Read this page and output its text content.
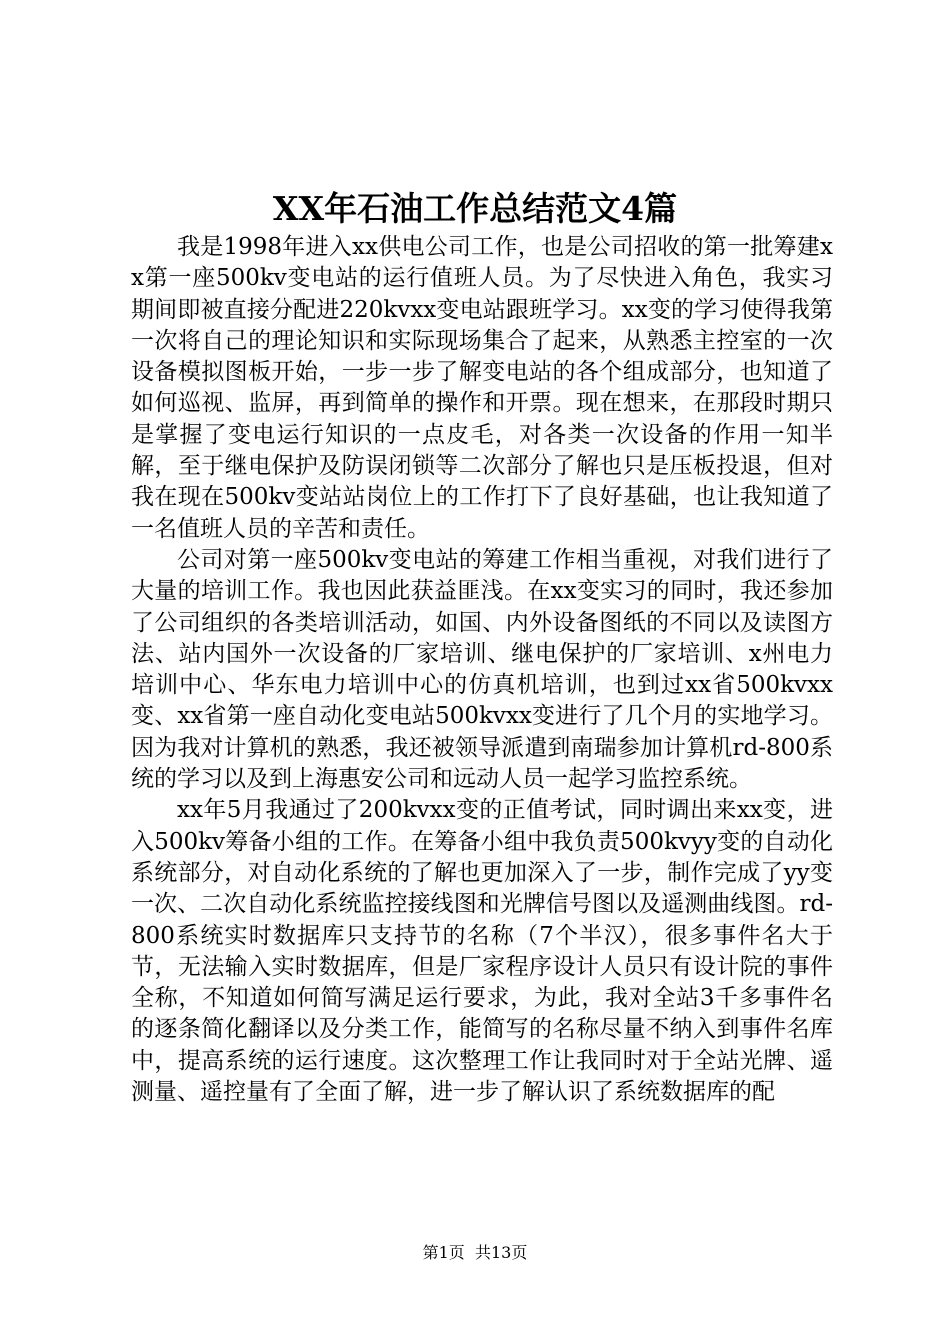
XX年石油工作总结范文4篇

我是1998年进入xx供电公司工作，也是公司招收的第一批筹建xx第一座500kv变电站的运行值班人员。为了尽快进入角色，我实习期间即被直接分配进220kvxx变电站跟班学习。xx变的学习使得我第一次将自己的理论知识和实际现场集合了起来，从熟悉主控室的一次设备模拟图板开始，一步一步了解变电站的各个组成部分，也知道了如何巡视、监屏，再到简单的操作和开票。现在想来，在那段时期只是掌握了变电运行知识的一点皮毛，对各类一次设备的作用一知半解，至于继电保护及防误闭锁等二次部分了解也只是压板投退，但对我在现在500kv变站站岗位上的工作打下了良好基础，也让我知道了一名值班人员的辛苦和责任。

公司对第一座500kv变电站的筹建工作相当重视，对我们进行了大量的培训工作。我也因此获益匪浅。在xx变实习的同时，我还参加了公司组织的各类培训活动，如国、内外设备图纸的不同以及读图方法、站内国外一次设备的厂家培训、继电保护的厂家培训、x州电力培训中心、华东电力培训中心的仿真机培训，也到过xx省500kvxx变、xx省第一座自动化变电站500kvxx变进行了几个月的实地学习。因为我对计算机的熟悉，我还被领导派遣到南瑞参加计算机rd-800系统的学习以及到上海惠安公司和远动人员一起学习监控系统。

xx年5月我通过了200kvxx变的正值考试，同时调出来xx变，进入500kv筹备小组的工作。在筹备小组中我负责500kvyy变的自动化系统部分，对自动化系统的了解也更加深入了一步，制作完成了yy变一次、二次自动化系统监控接线图和光牌信号图以及遥测曲线图。rd-800系统实时数据库只支持节的名称（7个半汉），很多事件名大于节，无法输入实时数据库，但是厂家程序设计人员只有设计院的事件全称，不知道如何简写满足运行要求，为此，我对全站3千多事件名的逐条简化翻译以及分类工作，能简写的名称尽量不纳入到事件名库中，提高系统的运行速度。这次整理工作让我同时对于全站光牌、遥测量、遥控量有了全面了解，进一步了解认识了系统数据库的配

第1页 共13页
